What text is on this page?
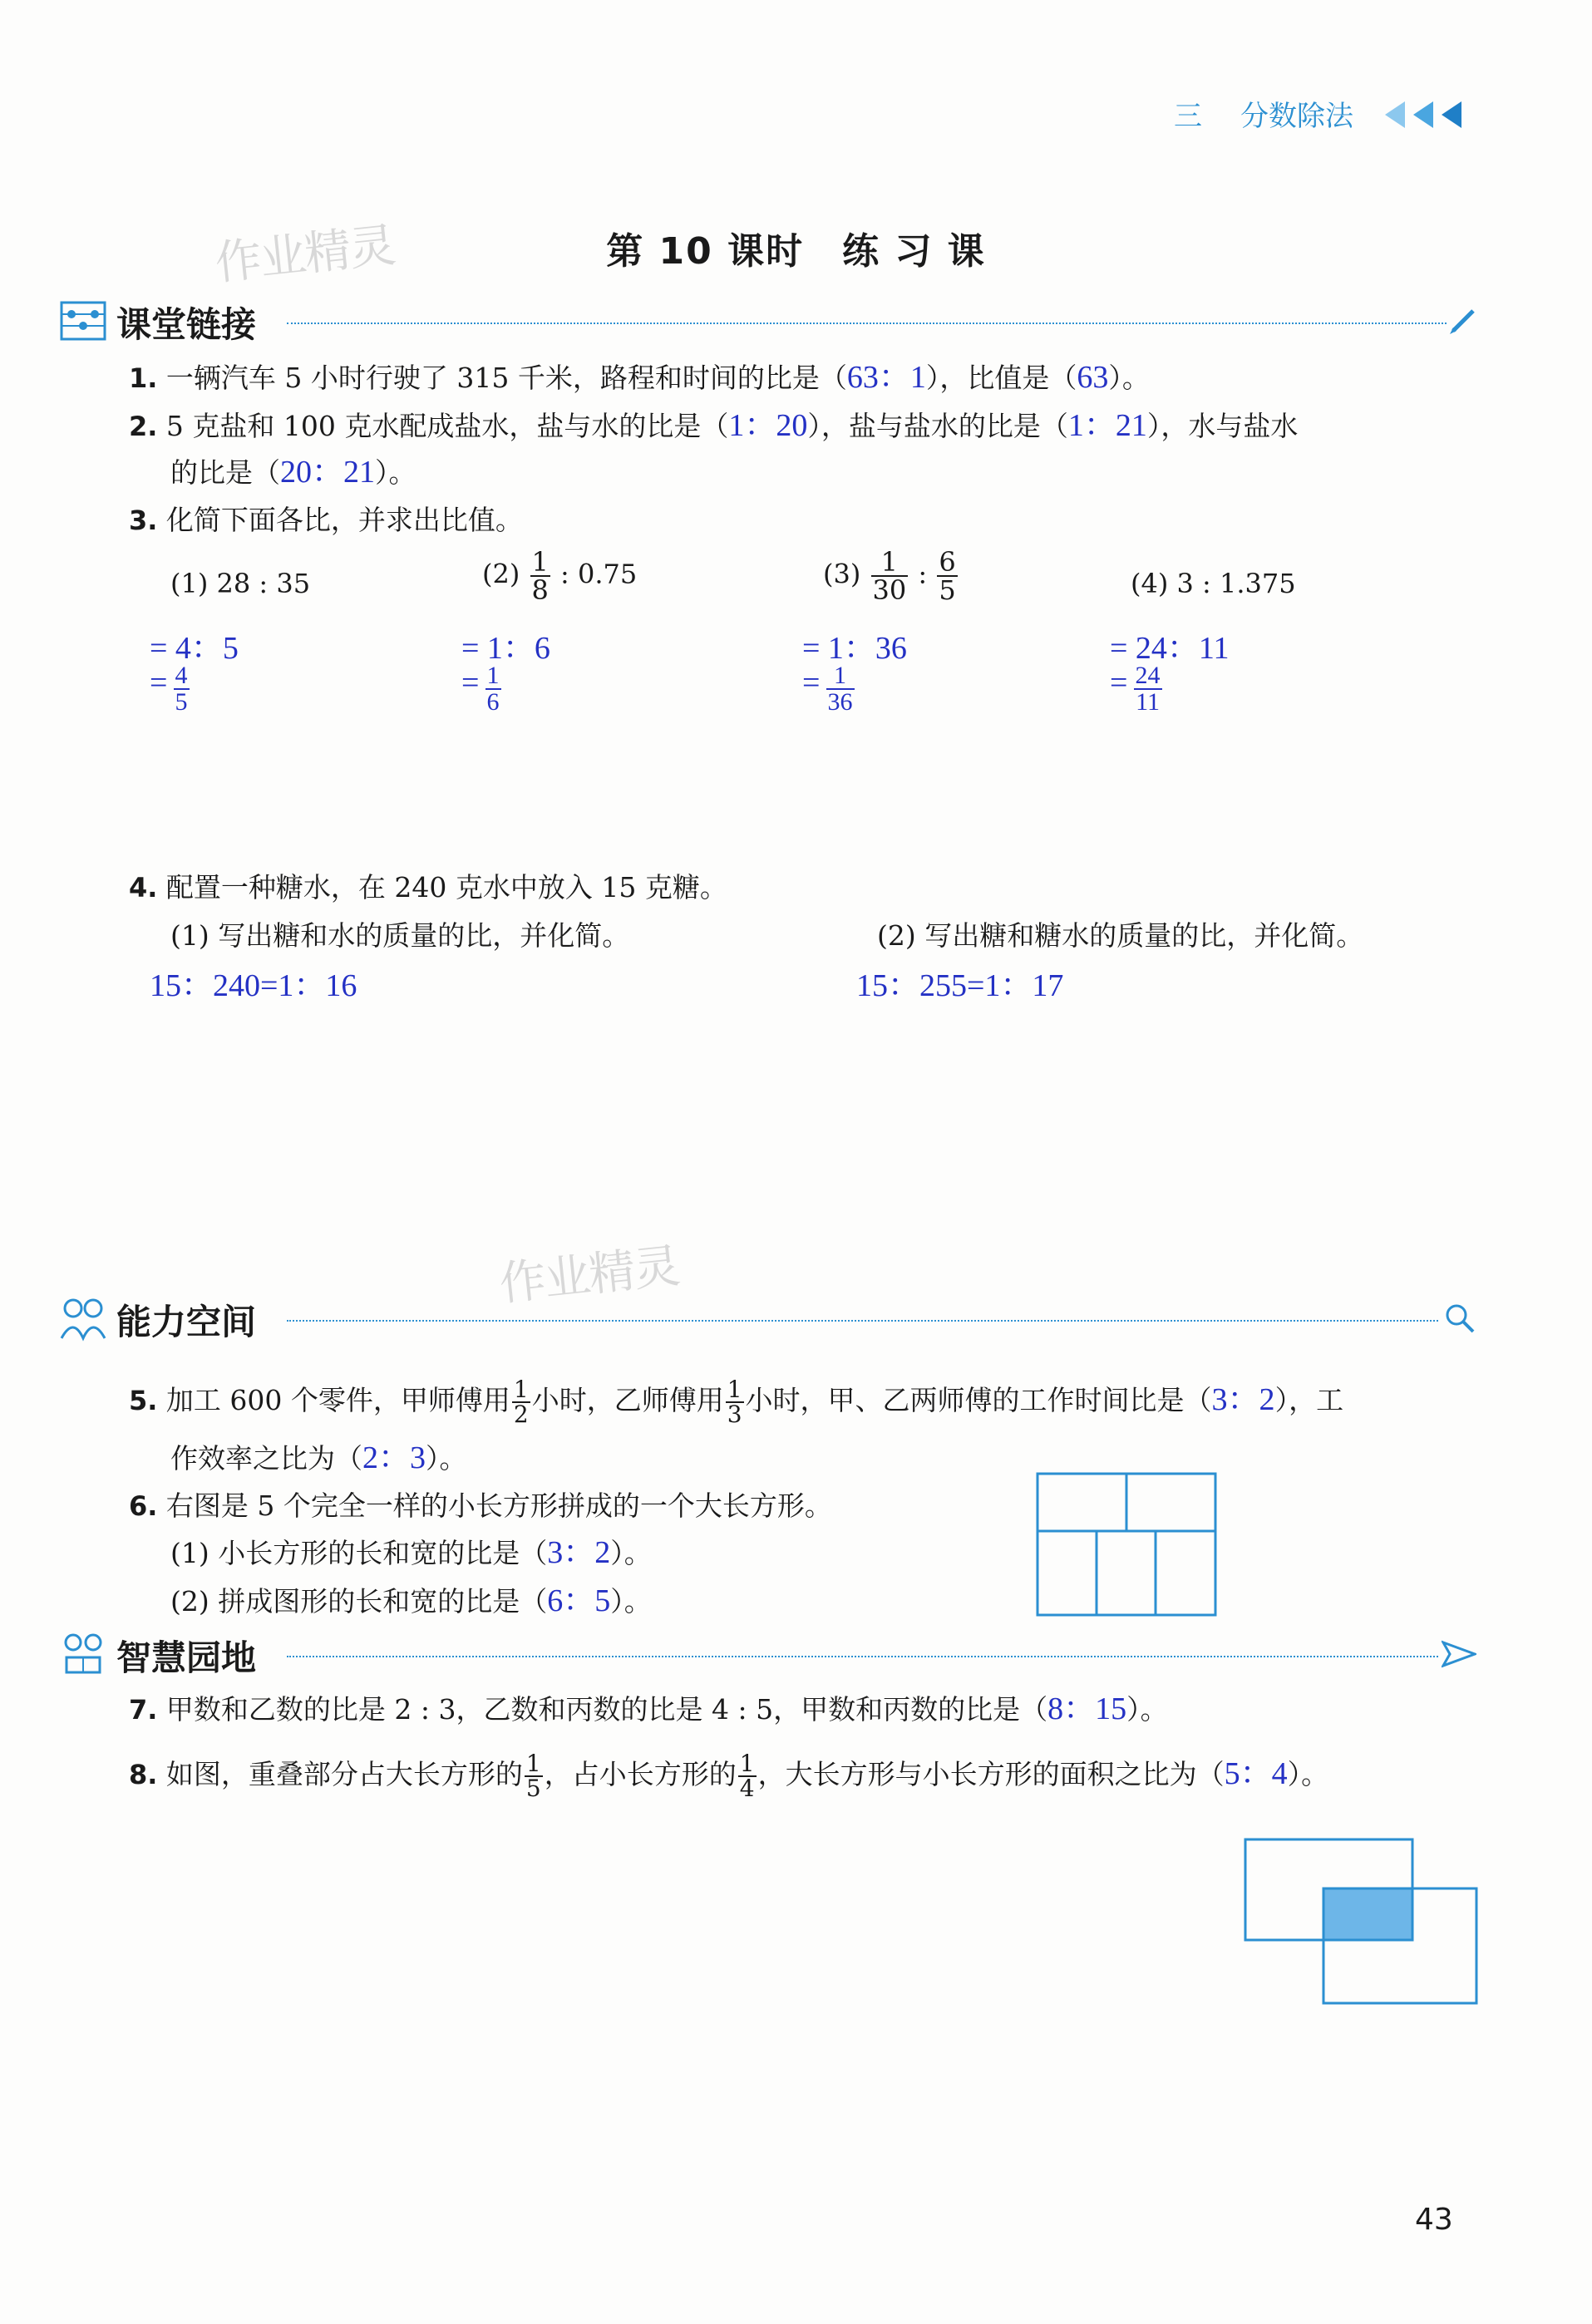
三 分数除法
第 10 课时　练 习 课
作业精灵
作业精灵
课堂链接
1. 一辆汽车 5 小时行驶了 315 千米，路程和时间的比是（63：1），比值是（63）。
2. 5 克盐和 100 克水配成盐水，盐与水的比是（1：20），盐与盐水的比是（1：21），水与盐水
的比是（20：21）。
3. 化简下面各比，并求出比值。
(1) 28 : 35	$(2) \frac{1}{8}$ : 0.75	$(3) \frac{1}{30}$ : $\frac{6}{5}$	(4) 3 : 1.375
= 4：5	= 1：6	= 1：36	= 24：11
= $\frac{4}{5}$	= $\frac{1}{6}$	= $\frac{1}{36}$	= $\frac{24}{11}$
4. 配置一种糖水，在 240 克水中放入 15 克糖。
(1) 写出糖和水的质量的比，并化简。	(2) 写出糖和糖水的质量的比，并化简。
15：240=1：16	15：255=1：17
能力空间
5. 加工 600 个零件，甲师傅用 $\frac{1}{2}$ 小时，乙师傅用 $\frac{1}{3}$ 小时，甲、乙两师傅的工作时间比是（3：2），工
作效率之比为（2：3）。
6. 右图是 5 个完全一样的小长方形拼成的一个大长方形。
(1) 小长方形的长和宽的比是（3：2）。
(2) 拼成图形的长和宽的比是（6：5）。
智慧园地
7. 甲数和乙数的比是 2 : 3，乙数和丙数的比是 4 : 5，甲数和丙数的比是（8：15）。
8. 如图，重叠部分占大长方形的 $\frac{1}{5}$ ，占小长方形的 $\frac{1}{4}$ ，大长方形与小长方形的面积之比为（5：4）。
43
